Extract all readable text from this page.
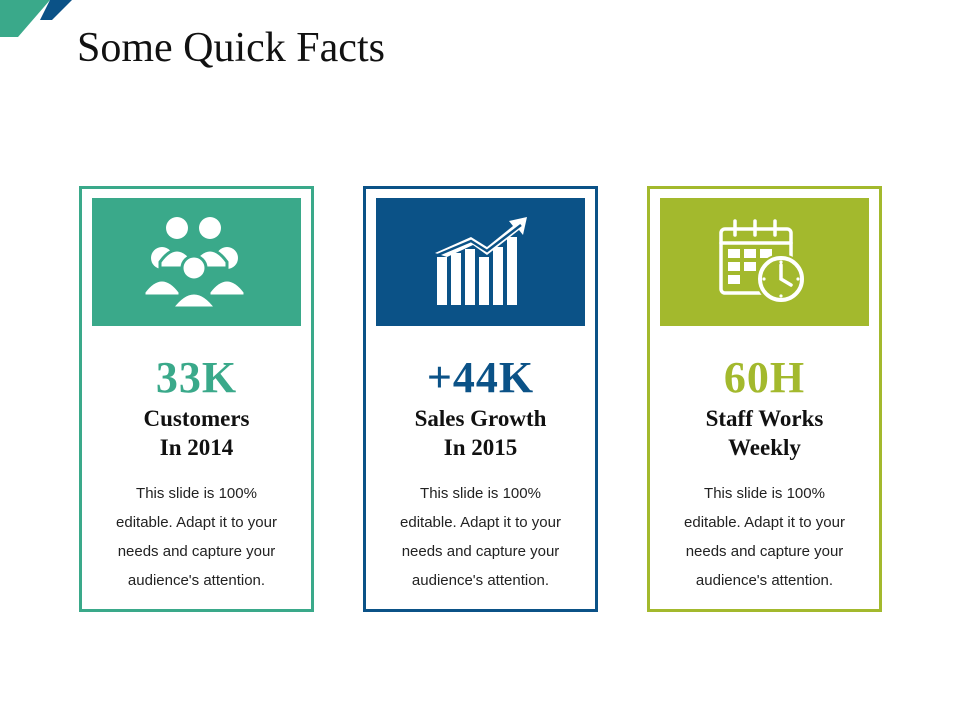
Some Quick Facts
33K
Customers
In 2014
This slide is 100%
editable. Adapt it to your
needs and capture your
audience's attention.
+44K
Sales Growth
In 2015
This slide is 100%
editable. Adapt it to your
needs and capture your
audience's attention.
60H
Staff Works
Weekly
This slide is 100%
editable. Adapt it to your
needs and capture your
audience's attention.
